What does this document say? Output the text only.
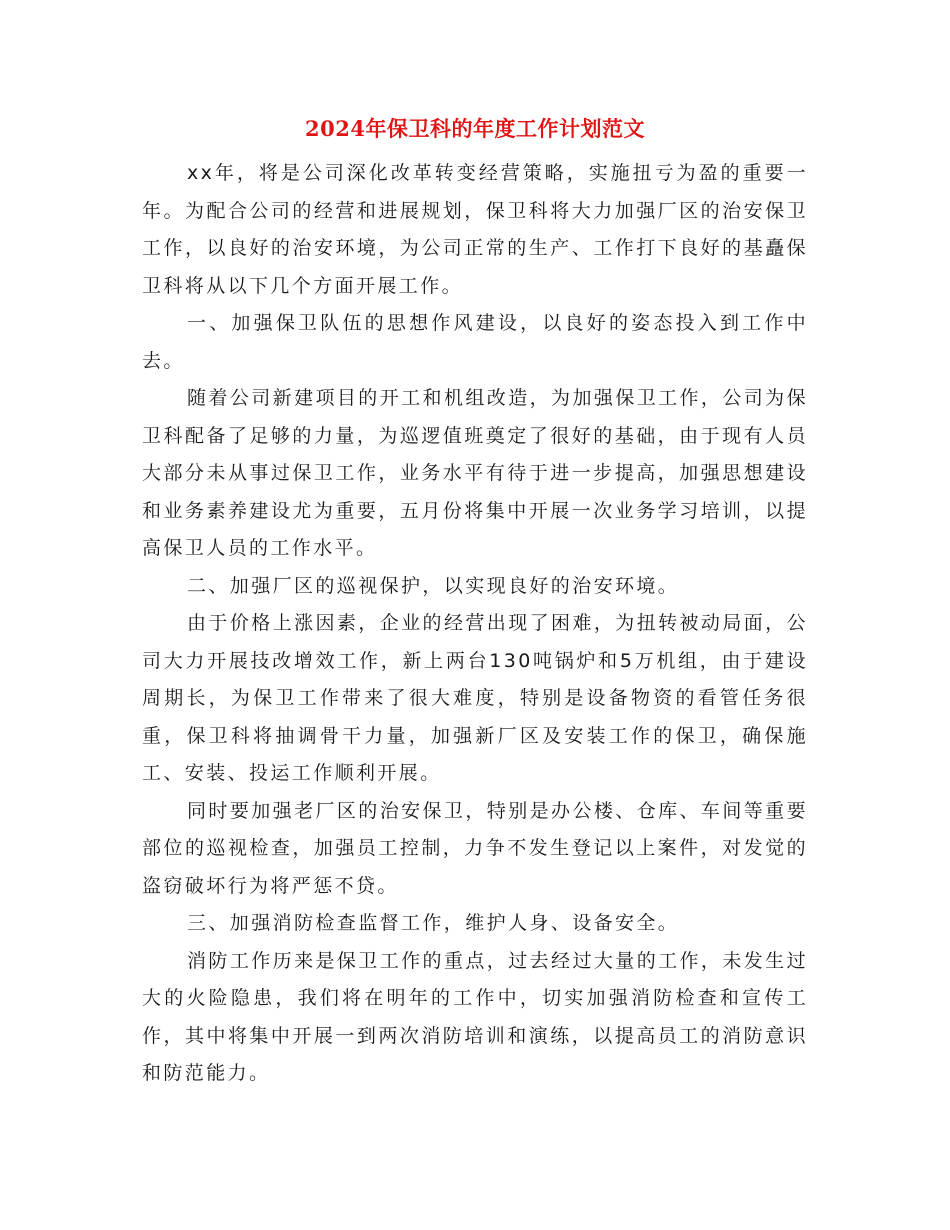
2024年保卫科的年度工作计划范文

xx年，将是公司深化改革转变经营策略，实施扭亏为盈的重要一年。为配合公司的经营和进展规划，保卫科将大力加强厂区的治安保卫工作，以良好的治安环境，为公司正常的生产、工作打下良好的基矗保卫科将从以下几个方面开展工作。

一、加强保卫队伍的思想作风建设，以良好的姿态投入到工作中去。

随着公司新建项目的开工和机组改造，为加强保卫工作，公司为保卫科配备了足够的力量，为巡逻值班奠定了很好的基础，由于现有人员大部分未从事过保卫工作，业务水平有待于进一步提高，加强思想建设和业务素养建设尤为重要，五月份将集中开展一次业务学习培训，以提高保卫人员的工作水平。

二、加强厂区的巡视保护，以实现良好的治安环境。

由于价格上涨因素，企业的经营出现了困难，为扭转被动局面，公司大力开展技改增效工作，新上两台130吨锅炉和5万机组，由于建设周期长，为保卫工作带来了很大难度，特别是设备物资的看管任务很重，保卫科将抽调骨干力量，加强新厂区及安装工作的保卫，确保施工、安装、投运工作顺利开展。

同时要加强老厂区的治安保卫，特别是办公楼、仓库、车间等重要部位的巡视检查，加强员工控制，力争不发生登记以上案件，对发觉的盗窃破坏行为将严惩不贷。

三、加强消防检查监督工作，维护人身、设备安全。

消防工作历来是保卫工作的重点，过去经过大量的工作，未发生过大的火险隐患，我们将在明年的工作中，切实加强消防检查和宣传工作，其中将集中开展一到两次消防培训和演练，以提高员工的消防意识和防范能力。
